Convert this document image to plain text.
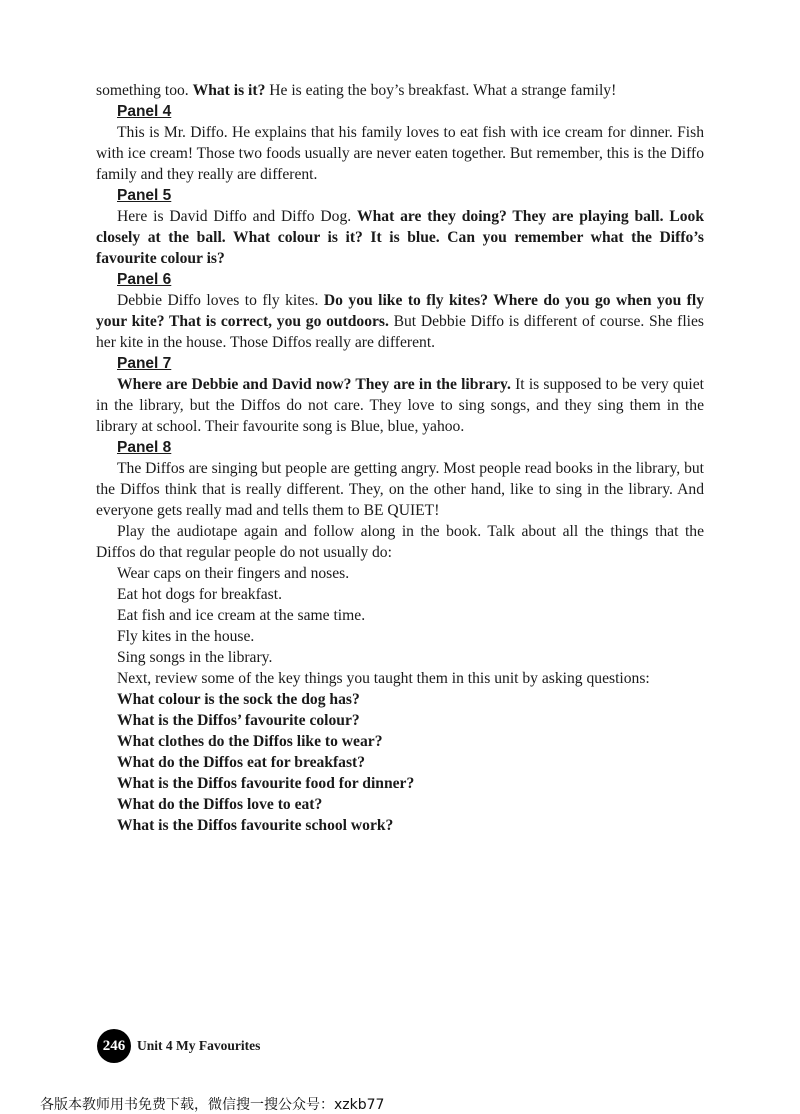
something too. What is it? He is eating the boy’s breakfast. What a strange family!

Panel 4

This is Mr. Diffo. He explains that his family loves to eat fish with ice cream for dinner. Fish with ice cream! Those two foods usually are never eaten together. But remember, this is the Diffo family and they really are different.

Panel 5

Here is David Diffo and Diffo Dog. What are they doing? They are playing ball. Look closely at the ball. What colour is it? It is blue. Can you remember what the Diffo’s favourite colour is?

Panel 6

Debbie Diffo loves to fly kites. Do you like to fly kites? Where do you go when you fly your kite? That is correct, you go outdoors. But Debbie Diffo is different of course. She flies her kite in the house. Those Diffos really are different.

Panel 7

Where are Debbie and David now? They are in the library. It is supposed to be very quiet in the library, but the Diffos do not care. They love to sing songs, and they sing them in the library at school. Their favourite song is Blue, blue, yahoo.

Panel 8

The Diffos are singing but people are getting angry. Most people read books in the library, but the Diffos think that is really different. They, on the other hand, like to sing in the library. And everyone gets really mad and tells them to BE QUIET!

Play the audiotape again and follow along in the book. Talk about all the things that the Diffos do that regular people do not usually do:

Wear caps on their fingers and noses.

Eat hot dogs for breakfast.

Eat fish and ice cream at the same time.

Fly kites in the house.

Sing songs in the library.

Next, review some of the key things you taught them in this unit by asking questions:

What colour is the sock the dog has?

What is the Diffos’ favourite colour?

What clothes do the Diffos like to wear?

What do the Diffos eat for breakfast?

What is the Diffos favourite food for dinner?

What do the Diffos love to eat?

What is the Diffos favourite school work?

246 Unit 4 My Favourites
各版本教师用书免费下载，微信搜一搜公众号：xzkb77
